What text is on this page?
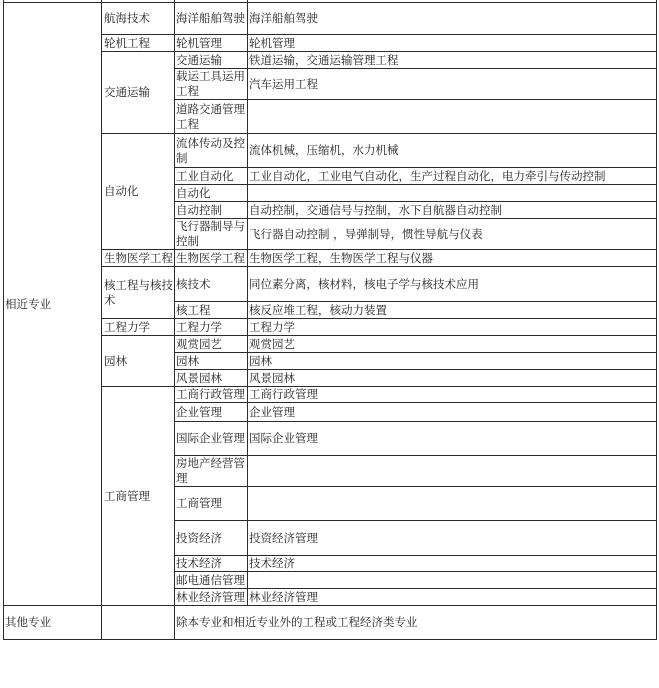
相近专业	航海技术	海洋船舶驾驶	海洋船舶驾驶
	轮机工程	轮机管理	轮机管理
	交通运输	交通运输	铁道运输，交通运输管理工程
		载运工具运用工程	汽车运用工程
		道路交通管理工程	
	自动化	流体传动及控制	流体机械，压缩机，水力机械
		工业自动化	工业自动化，工业电气自动化，生产过程自动化，电力牵引与传动控制
		自动化	
		自动控制	自动控制，交通信号与控制，水下自航器自动控制
		飞行器制导与控制	飞行器自动控制 ，导弹制导，惯性导航与仪表
	生物医学工程	生物医学工程	生物医学工程，生物医学工程与仪器
	核工程与核技术	核技术	同位素分离，核材料，核电子学与核技术应用
		核工程	核反应堆工程，核动力装置
	工程力学	工程力学	工程力学
	园林	观赏园艺	观赏园艺
		园林	园林
		风景园林	风景园林
	工商管理	工商行政管理	工商行政管理
		企业管理	企业管理
		国际企业管理	国际企业管理
		房地产经营管理	
		工商管理	
		投资经济	投资经济管理
		技术经济	技术经济
		邮电通信管理	
		林业经济管理	林业经济管理
其他专业		除本专业和相近专业外的工程或工程经济类专业	
